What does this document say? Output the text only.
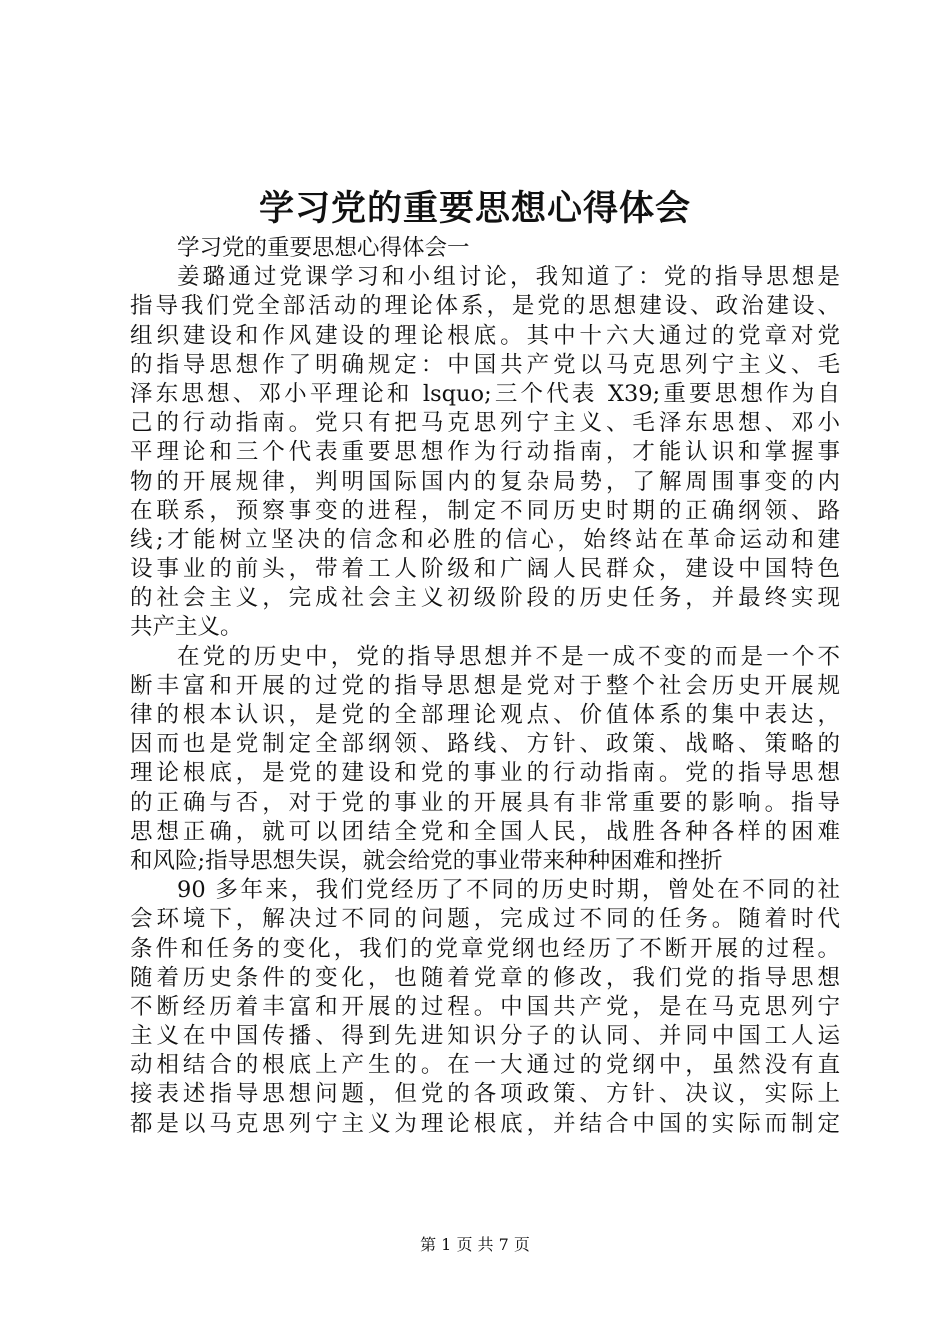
学习党的重要思想心得体会
学习党的重要思想心得体会一
姜璐通过党课学习和小组讨论，我知道了：党的指导思想是
指导我们党全部活动的理论体系，是党的思想建设、政治建设、
组织建设和作风建设的理论根底。其中十六大通过的党章对党
的指导思想作了明确规定：中国共产党以马克思列宁主义、毛
泽东思想、邓小平理论和 lsquo;三个代表 X39;重要思想作为自
己的行动指南。党只有把马克思列宁主义、毛泽东思想、邓小
平理论和三个代表重要思想作为行动指南，才能认识和掌握事
物的开展规律，判明国际国内的复杂局势，了解周围事变的内
在联系，预察事变的进程，制定不同历史时期的正确纲领、路
线;才能树立坚决的信念和必胜的信心，始终站在革命运动和建
设事业的前头，带着工人阶级和广阔人民群众，建设中国特色
的社会主义，完成社会主义初级阶段的历史任务，并最终实现
共产主义。
在党的历史中，党的指导思想并不是一成不变的而是一个不
断丰富和开展的过党的指导思想是党对于整个社会历史开展规
律的根本认识，是党的全部理论观点、价值体系的集中表达，
因而也是党制定全部纲领、路线、方针、政策、战略、策略的
理论根底，是党的建设和党的事业的行动指南。党的指导思想
的正确与否，对于党的事业的开展具有非常重要的影响。指导
思想正确，就可以团结全党和全国人民，战胜各种各样的困难
和风险;指导思想失误，就会给党的事业带来种种困难和挫折
90 多年来，我们党经历了不同的历史时期，曾处在不同的社
会环境下，解决过不同的问题，完成过不同的任务。随着时代
条件和任务的变化，我们的党章党纲也经历了不断开展的过程。
随着历史条件的变化，也随着党章的修改，我们党的指导思想
不断经历着丰富和开展的过程。中国共产党，是在马克思列宁
主义在中国传播、得到先进知识分子的认同、并同中国工人运
动相结合的根底上产生的。在一大通过的党纲中，虽然没有直
接表述指导思想问题，但党的各项政策、方针、决议，实际上
都是以马克思列宁主义为理论根底，并结合中国的实际而制定
第 1 页 共 7 页
